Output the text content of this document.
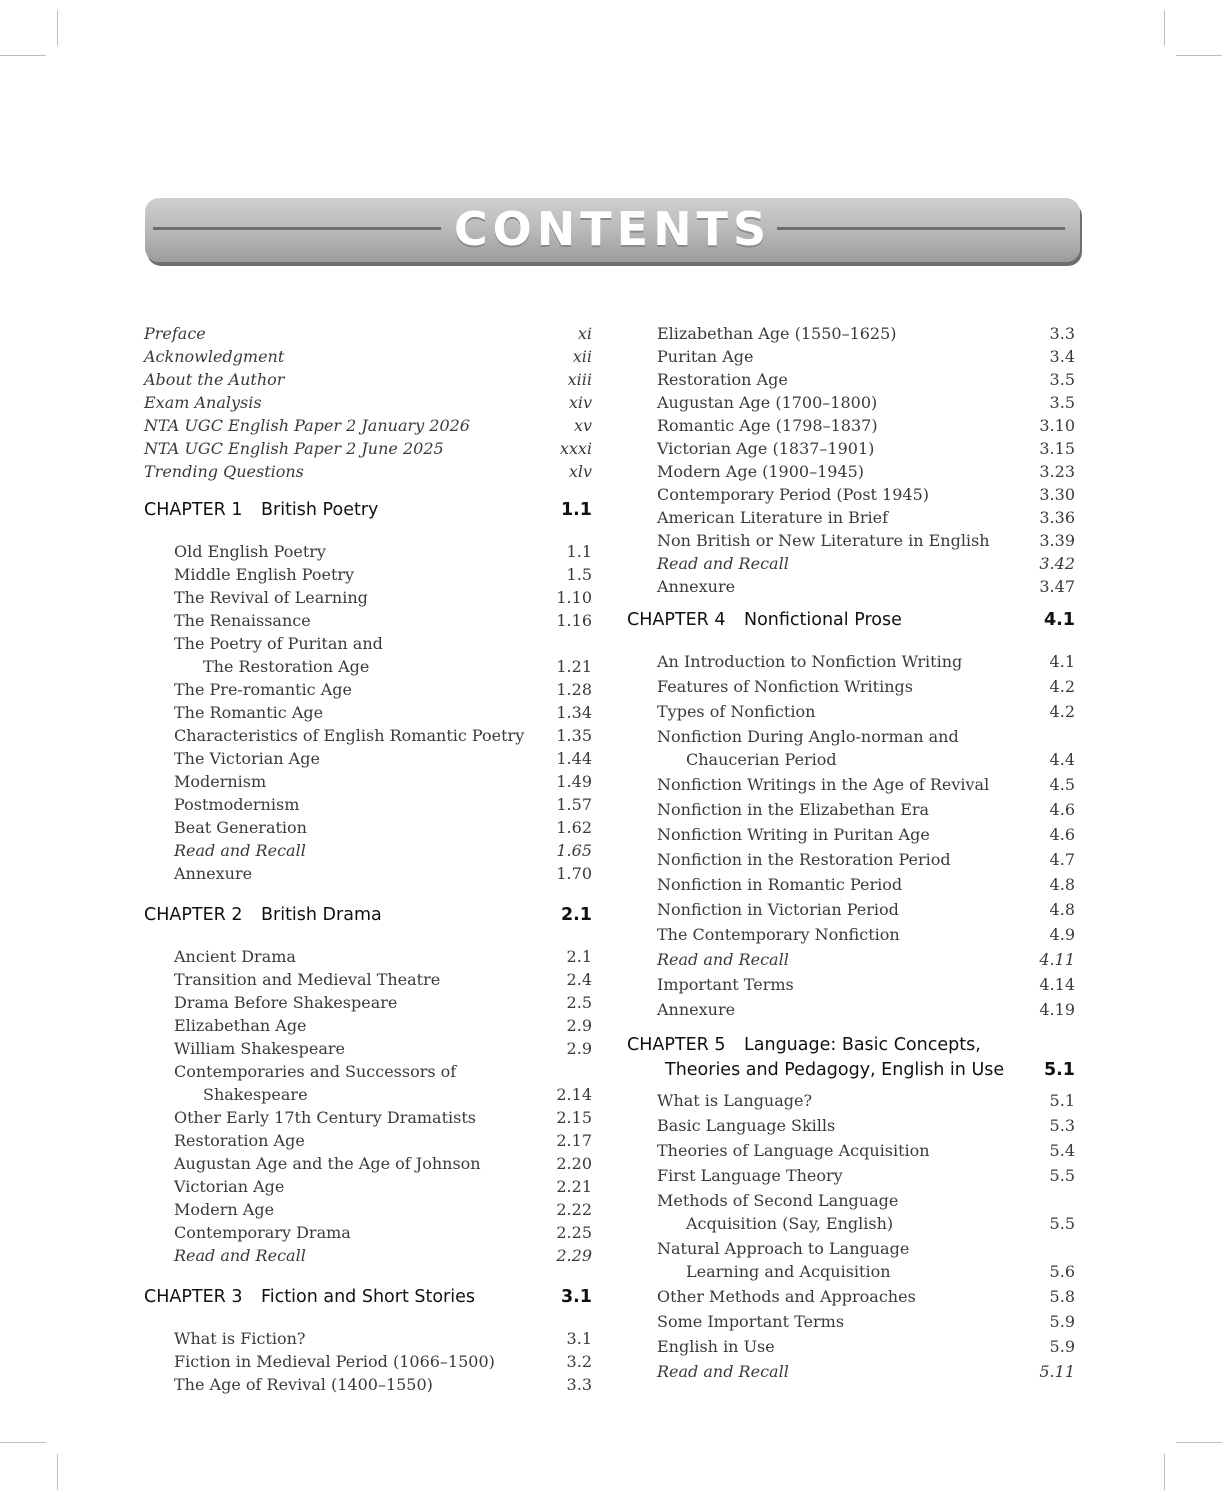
CONTENTS
Preface	xi
Acknowledgment	xii
About the Author	xiii
Exam Analysis	xiv
NTA UGC English Paper 2 January 2026	xv
NTA UGC English Paper 2 June 2025	xxxi
Trending Questions	xlv
CHAPTER 1 British Poetry	1.1
Old English Poetry	1.1
Middle English Poetry	1.5
The Revival of Learning	1.10
The Renaissance	1.16
The Poetry of Puritan and
The Restoration Age	1.21
The Pre-romantic Age	1.28
The Romantic Age	1.34
Characteristics of English Romantic Poetry 1.35
The Victorian Age	1.44
Modernism	1.49
Postmodernism	1.57
Beat Generation	1.62
Read and Recall	1.65
Annexure	1.70
CHAPTER 2 British Drama	2.1
Ancient Drama	2.1
Transition and Medieval Theatre	2.4
Drama Before Shakespeare	2.5
Elizabethan Age	2.9
William Shakespeare	2.9
Contemporaries and Successors of
Shakespeare	2.14
Other Early 17th Century Dramatists	2.15
Restoration Age	2.17
Augustan Age and the Age of Johnson	2.20
Victorian Age	2.21
Modern Age	2.22
Contemporary Drama	2.25
Read and Recall	2.29
CHAPTER 3 Fiction and Short Stories	3.1
What is Fiction?	3.1
Fiction in Medieval Period (1066–1500)	3.2
The Age of Revival (1400–1550)	3.3
Elizabethan Age (1550–1625)	3.3
Puritan Age	3.4
Restoration Age	3.5
Augustan Age (1700–1800)	3.5
Romantic Age (1798–1837)	3.10
Victorian Age (1837–1901)	3.15
Modern Age (1900–1945)	3.23
Contemporary Period (Post 1945)	3.30
American Literature in Brief	3.36
Non British or New Literature in English	3.39
Read and Recall	3.42
Annexure	3.47
CHAPTER 4 Nonfictional Prose	4.1
An Introduction to Nonfiction Writing	4.1
Features of Nonfiction Writings	4.2
Types of Nonfiction	4.2
Nonfiction During Anglo-norman and
Chaucerian Period	4.4
Nonfiction Writings in the Age of Revival	4.5
Nonfiction in the Elizabethan Era	4.6
Nonfiction Writing in Puritan Age	4.6
Nonfiction in the Restoration Period	4.7
Nonfiction in Romantic Period	4.8
Nonfiction in Victorian Period	4.8
The Contemporary Nonfiction	4.9
Read and Recall	4.11
Important Terms	4.14
Annexure	4.19
CHAPTER 5 Language: Basic Concepts,
Theories and Pedagogy, English in Use 5.1
What is Language?	5.1
Basic Language Skills	5.3
Theories of Language Acquisition	5.4
First Language Theory	5.5
Methods of Second Language
Acquisition (Say, English)	5.5
Natural Approach to Language
Learning and Acquisition	5.6
Other Methods and Approaches	5.8
Some Important Terms	5.9
English in Use	5.9
Read and Recall	5.11
